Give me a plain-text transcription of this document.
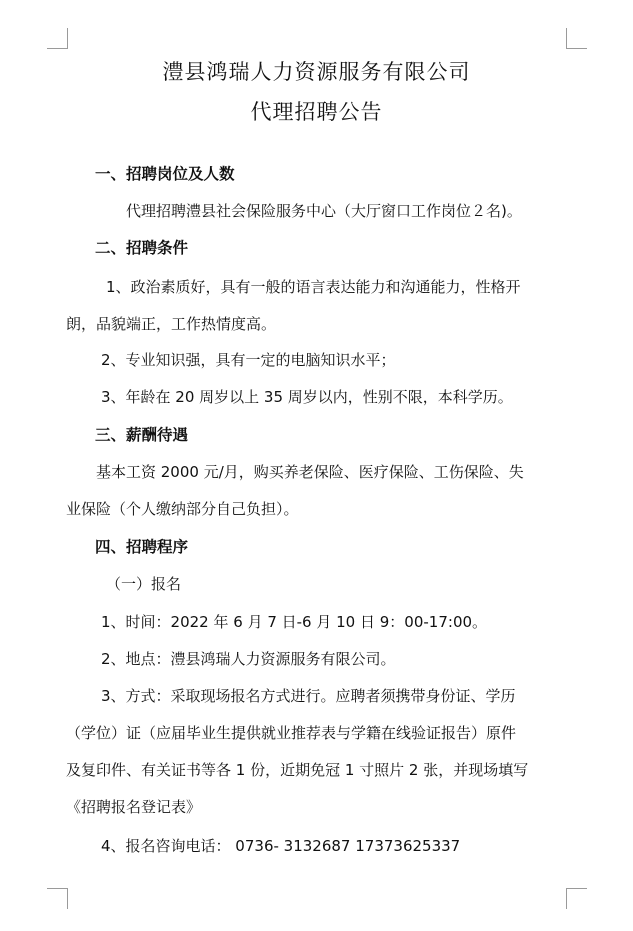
澧县鸿瑞人力资源服务有限公司
代理招聘公告
一、招聘岗位及人数
代理招聘澧县社会保险服务中心（大厅窗口工作岗位２名)。
二、招聘条件
1、政治素质好，具有一般的语言表达能力和沟通能力，性格开
朗，品貌端正，工作热情度高。
2、专业知识强，具有一定的电脑知识水平；
3、年龄在 20 周岁以上 35 周岁以内，性别不限，本科学历。
三、薪酬待遇
基本工资 2000 元/月，购买养老保险、医疗保险、工伤保险、失
业保险（个人缴纳部分自己负担）。
四、招聘程序
（一）报名
1、时间：2022 年 6 月 7 日-6 月 10 日 9：00-17:00。
2、地点：澧县鸿瑞人力资源服务有限公司。
3、方式：采取现场报名方式进行。应聘者须携带身份证、学历
（学位）证（应届毕业生提供就业推荐表与学籍在线验证报告）原件
及复印件、有关证书等各 1 份，近期免冠 1 寸照片 2 张，并现场填写
《招聘报名登记表》
4、报名咨询电话： 0736- 3132687 17373625337
